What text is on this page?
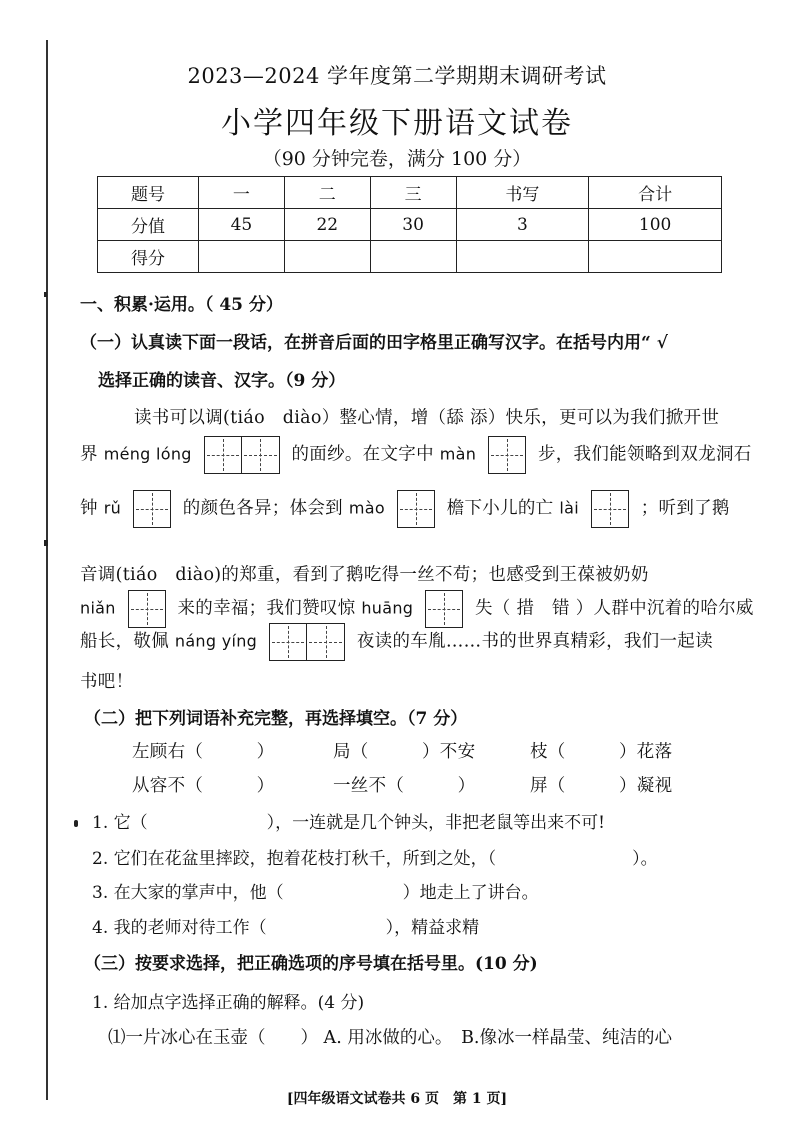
2023—2024 学年度第二学期期末调研考试
小学四年级下册语文试卷
（90 分钟完卷，满分 100 分）
题号	一	二	三	书写	合计
分值	45	22	30	3	100
得分					
一、积累·运用。（ 45 分）
（一）认真读下面一段话，在拼音后面的田字格里正确写汉字。在括号内用“ √
选择正确的读音、汉字。（9 分）
读书可以调(tiáo　diào）整心情，增（舔 添）快乐，更可以为我们掀开世
界 méng lóng	的面纱。在文字中 màn	步，我们能领略到双龙洞石
钟 rǔ	的颜色各异；体会到 mào	檐下小儿的亡 lài	；听到了鹅
音调(tiáo　diào)的郑重，看到了鹅吃得一丝不苟；也感受到王葆被奶奶
niǎn	来的幸福；我们赞叹惊 huāng	失（ 措　错 ）人群中沉着的哈尔威
船长，敬佩 náng yíng	夜读的车胤……书的世界真精彩，我们一起读
书吧！
（二）把下列词语补充完整，再选择填空。（7 分）
左顾右（　　　）	局（　　　）不安	枝（　　　）花落
从容不（　　　）	一丝不（　　　）	屏（　　　）凝视
1. 它（　　　　　　　），一连就是几个钟头，非把老鼠等出来不可!
2. 它们在花盆里摔跤，抱着花枝打秋千，所到之处，（　　　　　　　　）。
3. 在大家的掌声中，他（　　　　　　　）地走上了讲台。
4. 我的老师对待工作（　　　　　　　），精益求精
（三）按要求选择，把正确选项的序号填在括号里。(10 分)
1. 给加点字选择正确的解释。(4 分)
⑴一片冰心在玉壶（　　） A. 用冰做的心。　B.像冰一样晶莹、纯洁的心
[四年级语文试卷共 6 页　第 1 页]
